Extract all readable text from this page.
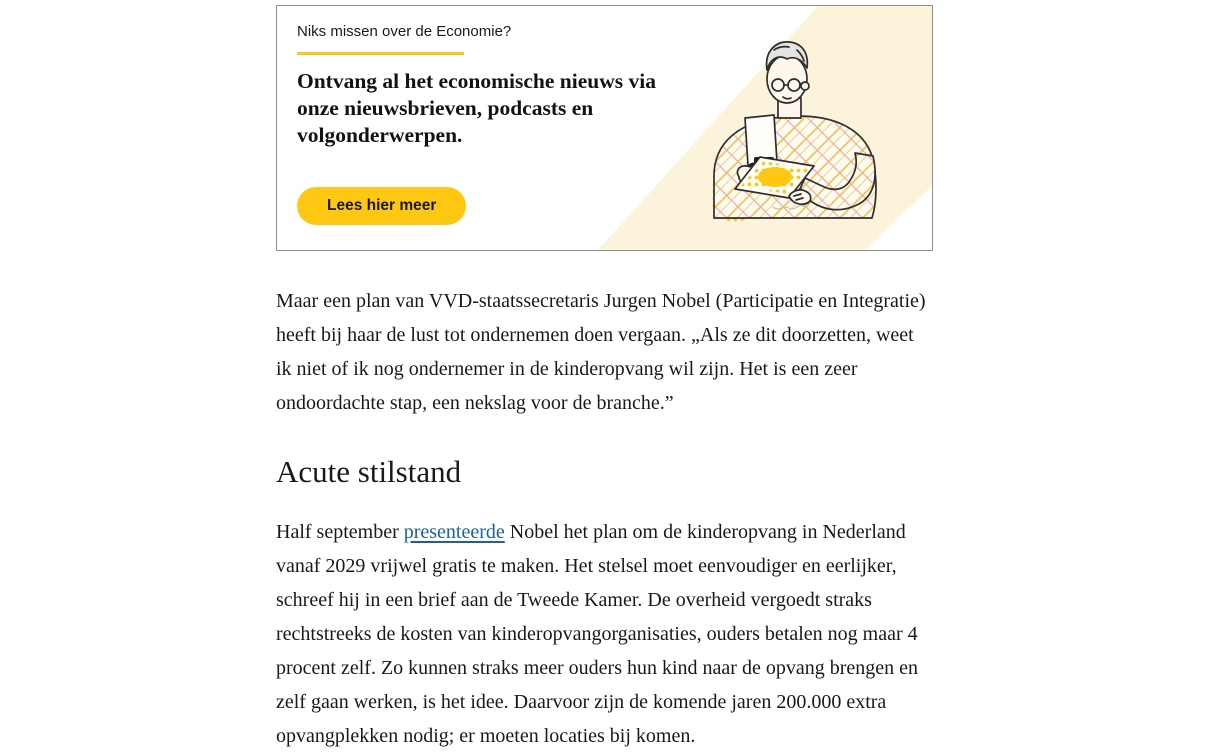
Niks missen over de Economie?
Ontvang al het economische nieuws via onze nieuwsbrieven, podcasts en volgonderwerpen.
Lees hier meer

Maar een plan van VVD-staatssecretaris Jurgen Nobel (Participatie en Integratie) heeft bij haar de lust tot ondernemen doen vergaan. „Als ze dit doorzetten, weet ik niet of ik nog ondernemer in de kinderopvang wil zijn. Het is een zeer ondoordachte stap, een nekslag voor de branche.”

Acute stilstand

Half september presenteerde Nobel het plan om de kinderopvang in Nederland vanaf 2029 vrijwel gratis te maken. Het stelsel moet eenvoudiger en eerlijker, schreef hij in een brief aan de Tweede Kamer. De overheid vergoedt straks rechtstreeks de kosten van kinderopvangorganisaties, ouders betalen nog maar 4 procent zelf. Zo kunnen straks meer ouders hun kind naar de opvang brengen en zelf gaan werken, is het idee. Daarvoor zijn de komende jaren 200.000 extra opvangplekken nodig; er moeten locaties bij komen.
